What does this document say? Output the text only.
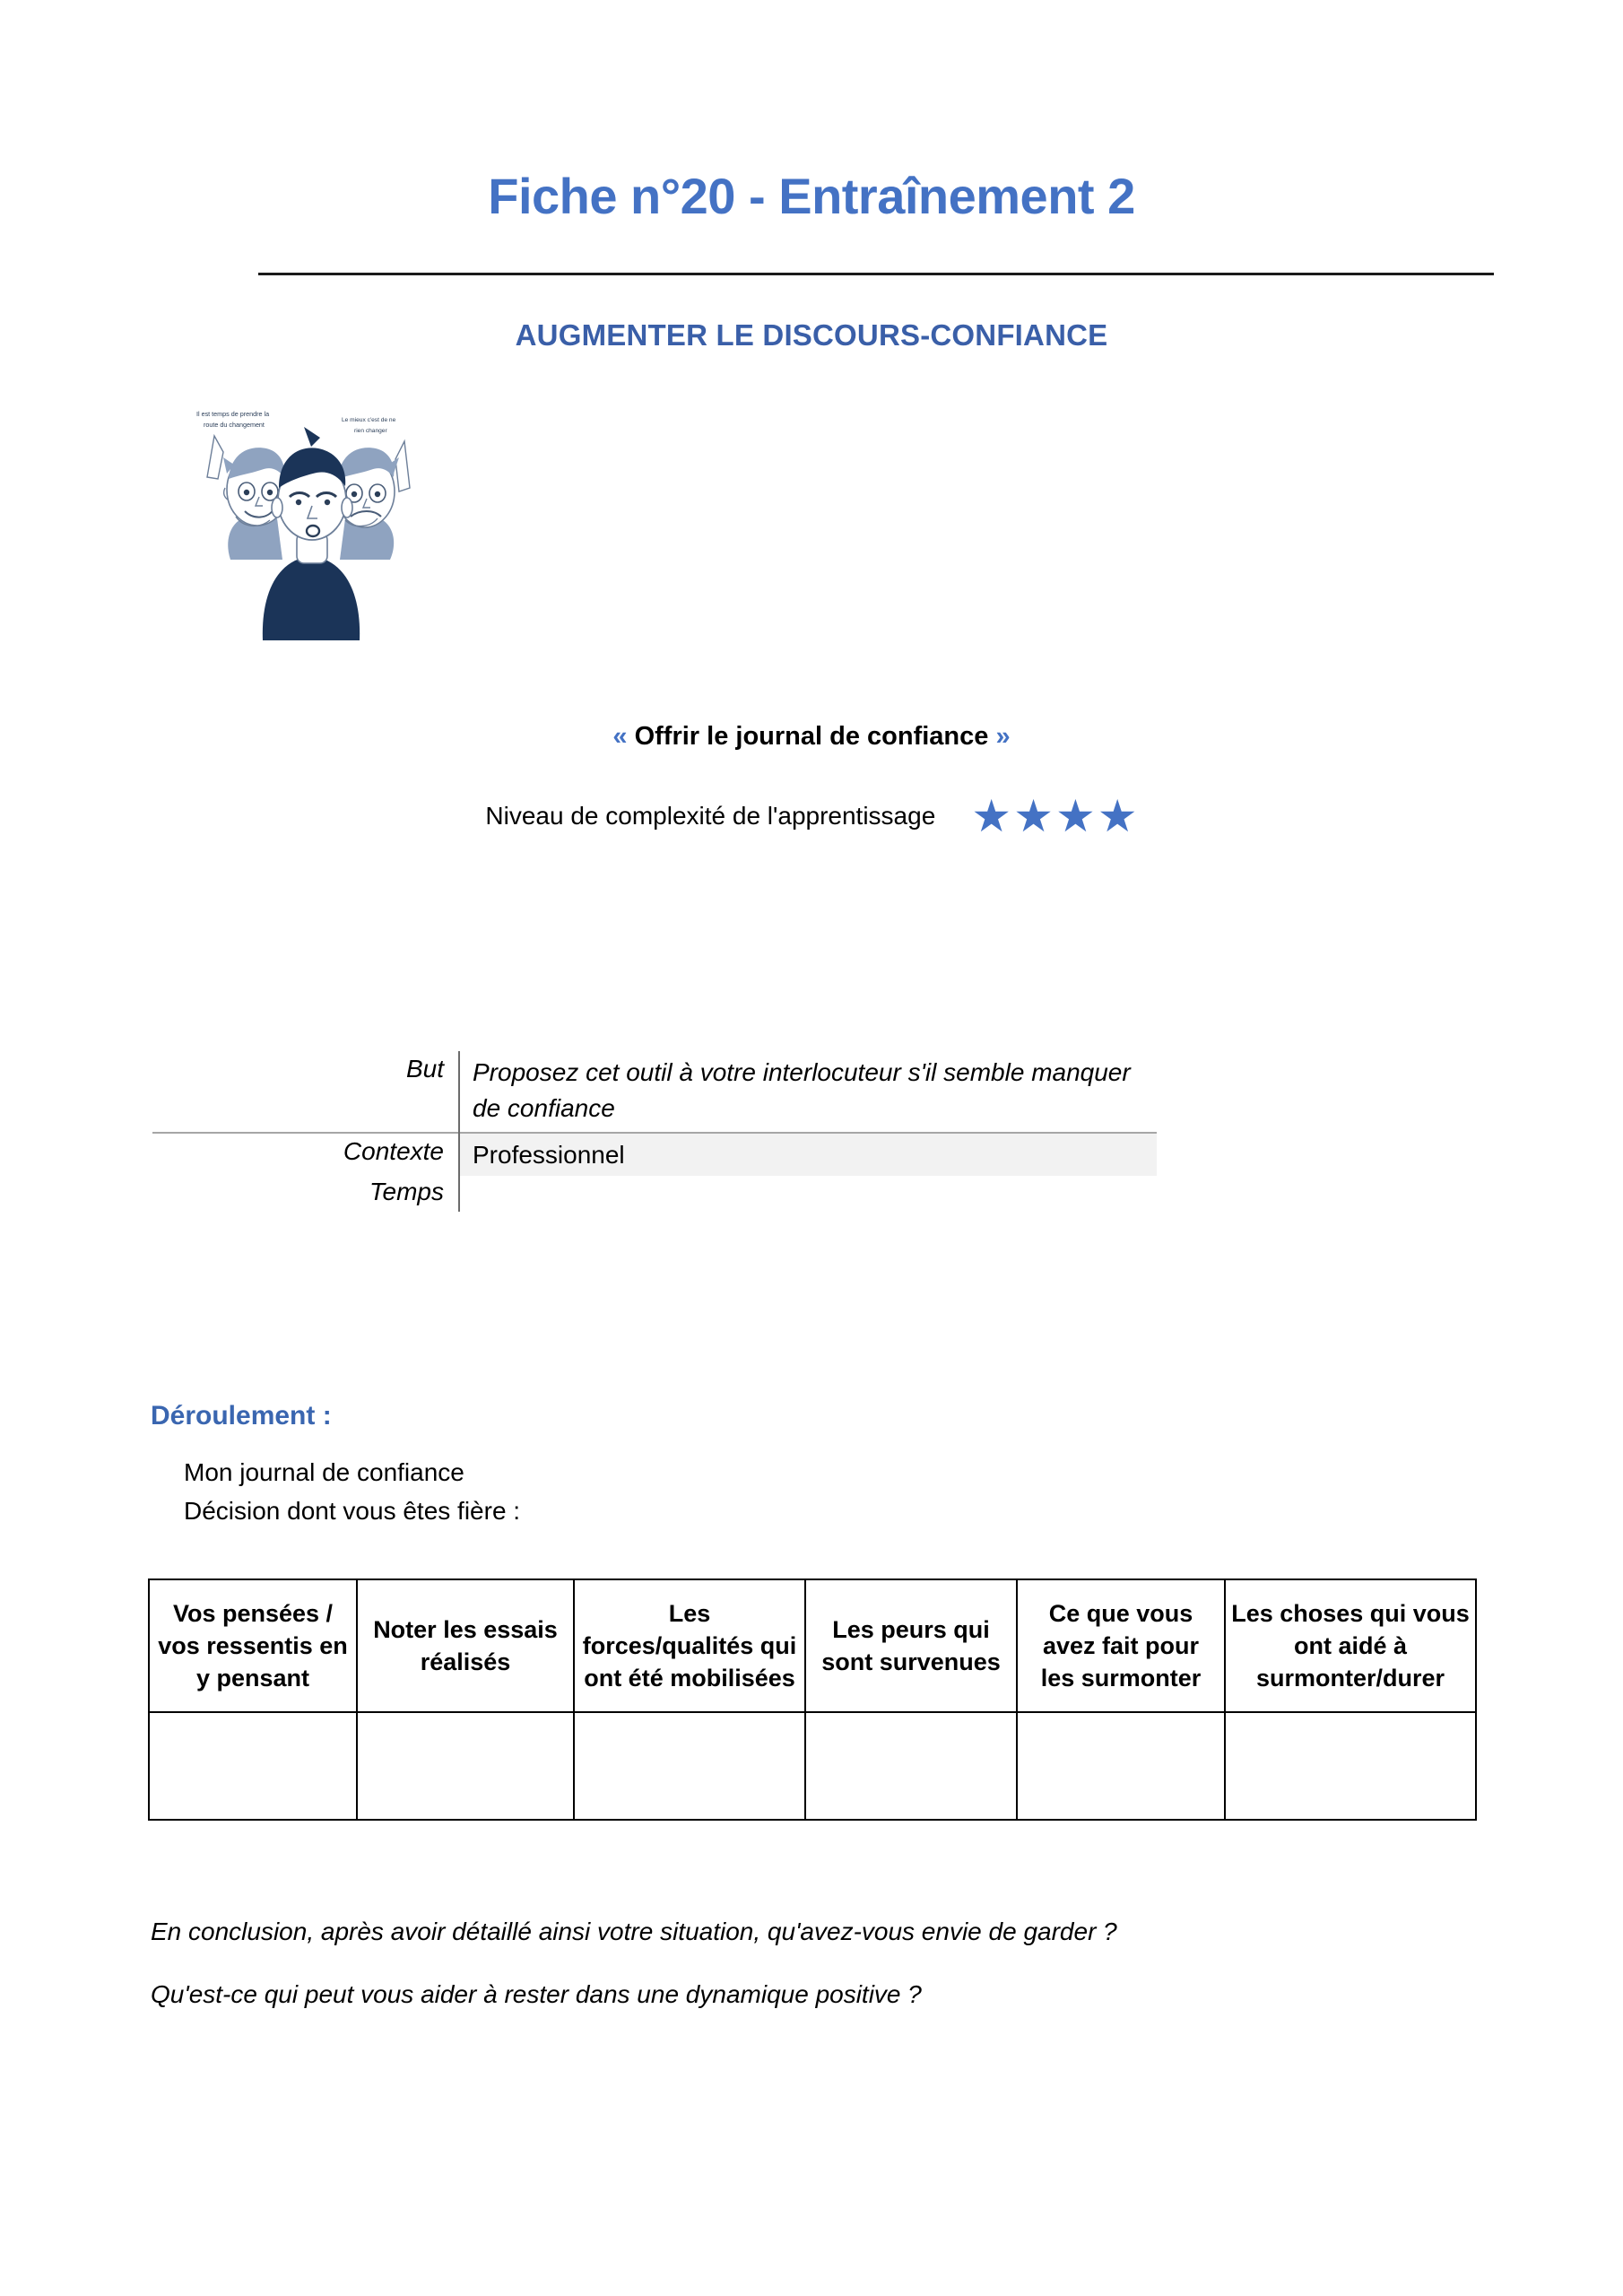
Fiche n°20 - Entraînement 2
AUGMENTER LE DISCOURS-CONFIANCE
Il est temps de prendre la
route du changement
Le mieux c'est de ne
rien changer
« Offrir le journal de confiance »
Niveau de complexité de l'apprentissage ★ ★ ★ ★
But	Proposez cet outil à votre interlocuteur s'il semble manquer de confiance
Contexte	Professionnel
Temps	
Déroulement :
Mon journal de confiance
Décision dont vous êtes fière :
Vos pensées / vos ressentis en y pensant	Noter les essais réalisés	Les forces/qualités qui ont été mobilisées	Les peurs qui sont survenues	Ce que vous avez fait pour les surmonter	Les choses qui vous ont aidé à surmonter/durer

En conclusion, après avoir détaillé ainsi votre situation, qu'avez-vous envie de garder ?
Qu'est-ce qui peut vous aider à rester dans une dynamique positive ?
